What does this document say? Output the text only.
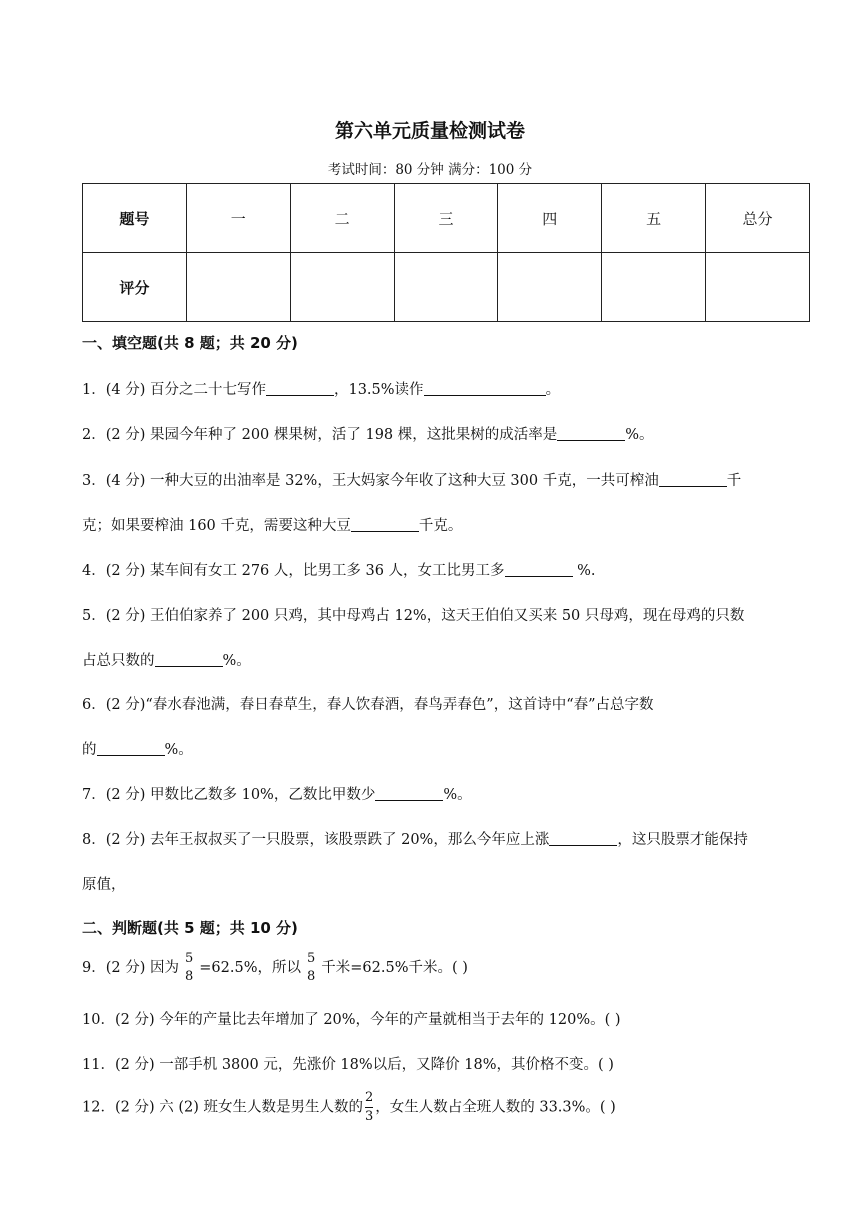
第六单元质量检测试卷
考试时间：80 分钟 满分：100 分
题号	一	二	三	四	五	总分
评分						
一、填空题(共 8 题；共 20 分)
1．(4 分) 百分之二十七写作	，13.5%读作	。
2．(2 分) 果园今年种了 200 棵果树，活了 198 棵，这批果树的成活率是	%。
3．(4 分) 一种大豆的出油率是 32%，王大妈家今年收了这种大豆 300 千克，一共可榨油	千
克；如果要榨油 160 千克，需要这种大豆	千克。
4．(2 分) 某车间有女工 276 人，比男工多 36 人，女工比男工多	%.
5．(2 分) 王伯伯家养了 200 只鸡，其中母鸡占 12%，这天王伯伯又买来 50 只母鸡，现在母鸡的只数
占总只数的	%。
6．(2 分)“春水春池满，春日春草生，春人饮春酒，春鸟弄春色”，这首诗中“春”占总字数
的	%。
7．(2 分) 甲数比乙数多 10%，乙数比甲数少	%。
8．(2 分) 去年王叔叔买了一只股票，该股票跌了 20%，那么今年应上涨	，这只股票才能保持
原值，
二、判断题(共 5 题；共 10 分)
9．(2 分) 因为
5
8
=62.5%，所以
5
8
千米=62.5%千米。( )
10．(2 分) 今年的产量比去年增加了 20%，今年的产量就相当于去年的 120%。( )
11．(2 分) 一部手机 3800 元，先涨价 18%以后，又降价 18%，其价格不变。( )
12．(2 分) 六 (2) 班女生人数是男生人数的 $\frac{2}{3}$ ，女生人数占全班人数的 33.3%。( )
